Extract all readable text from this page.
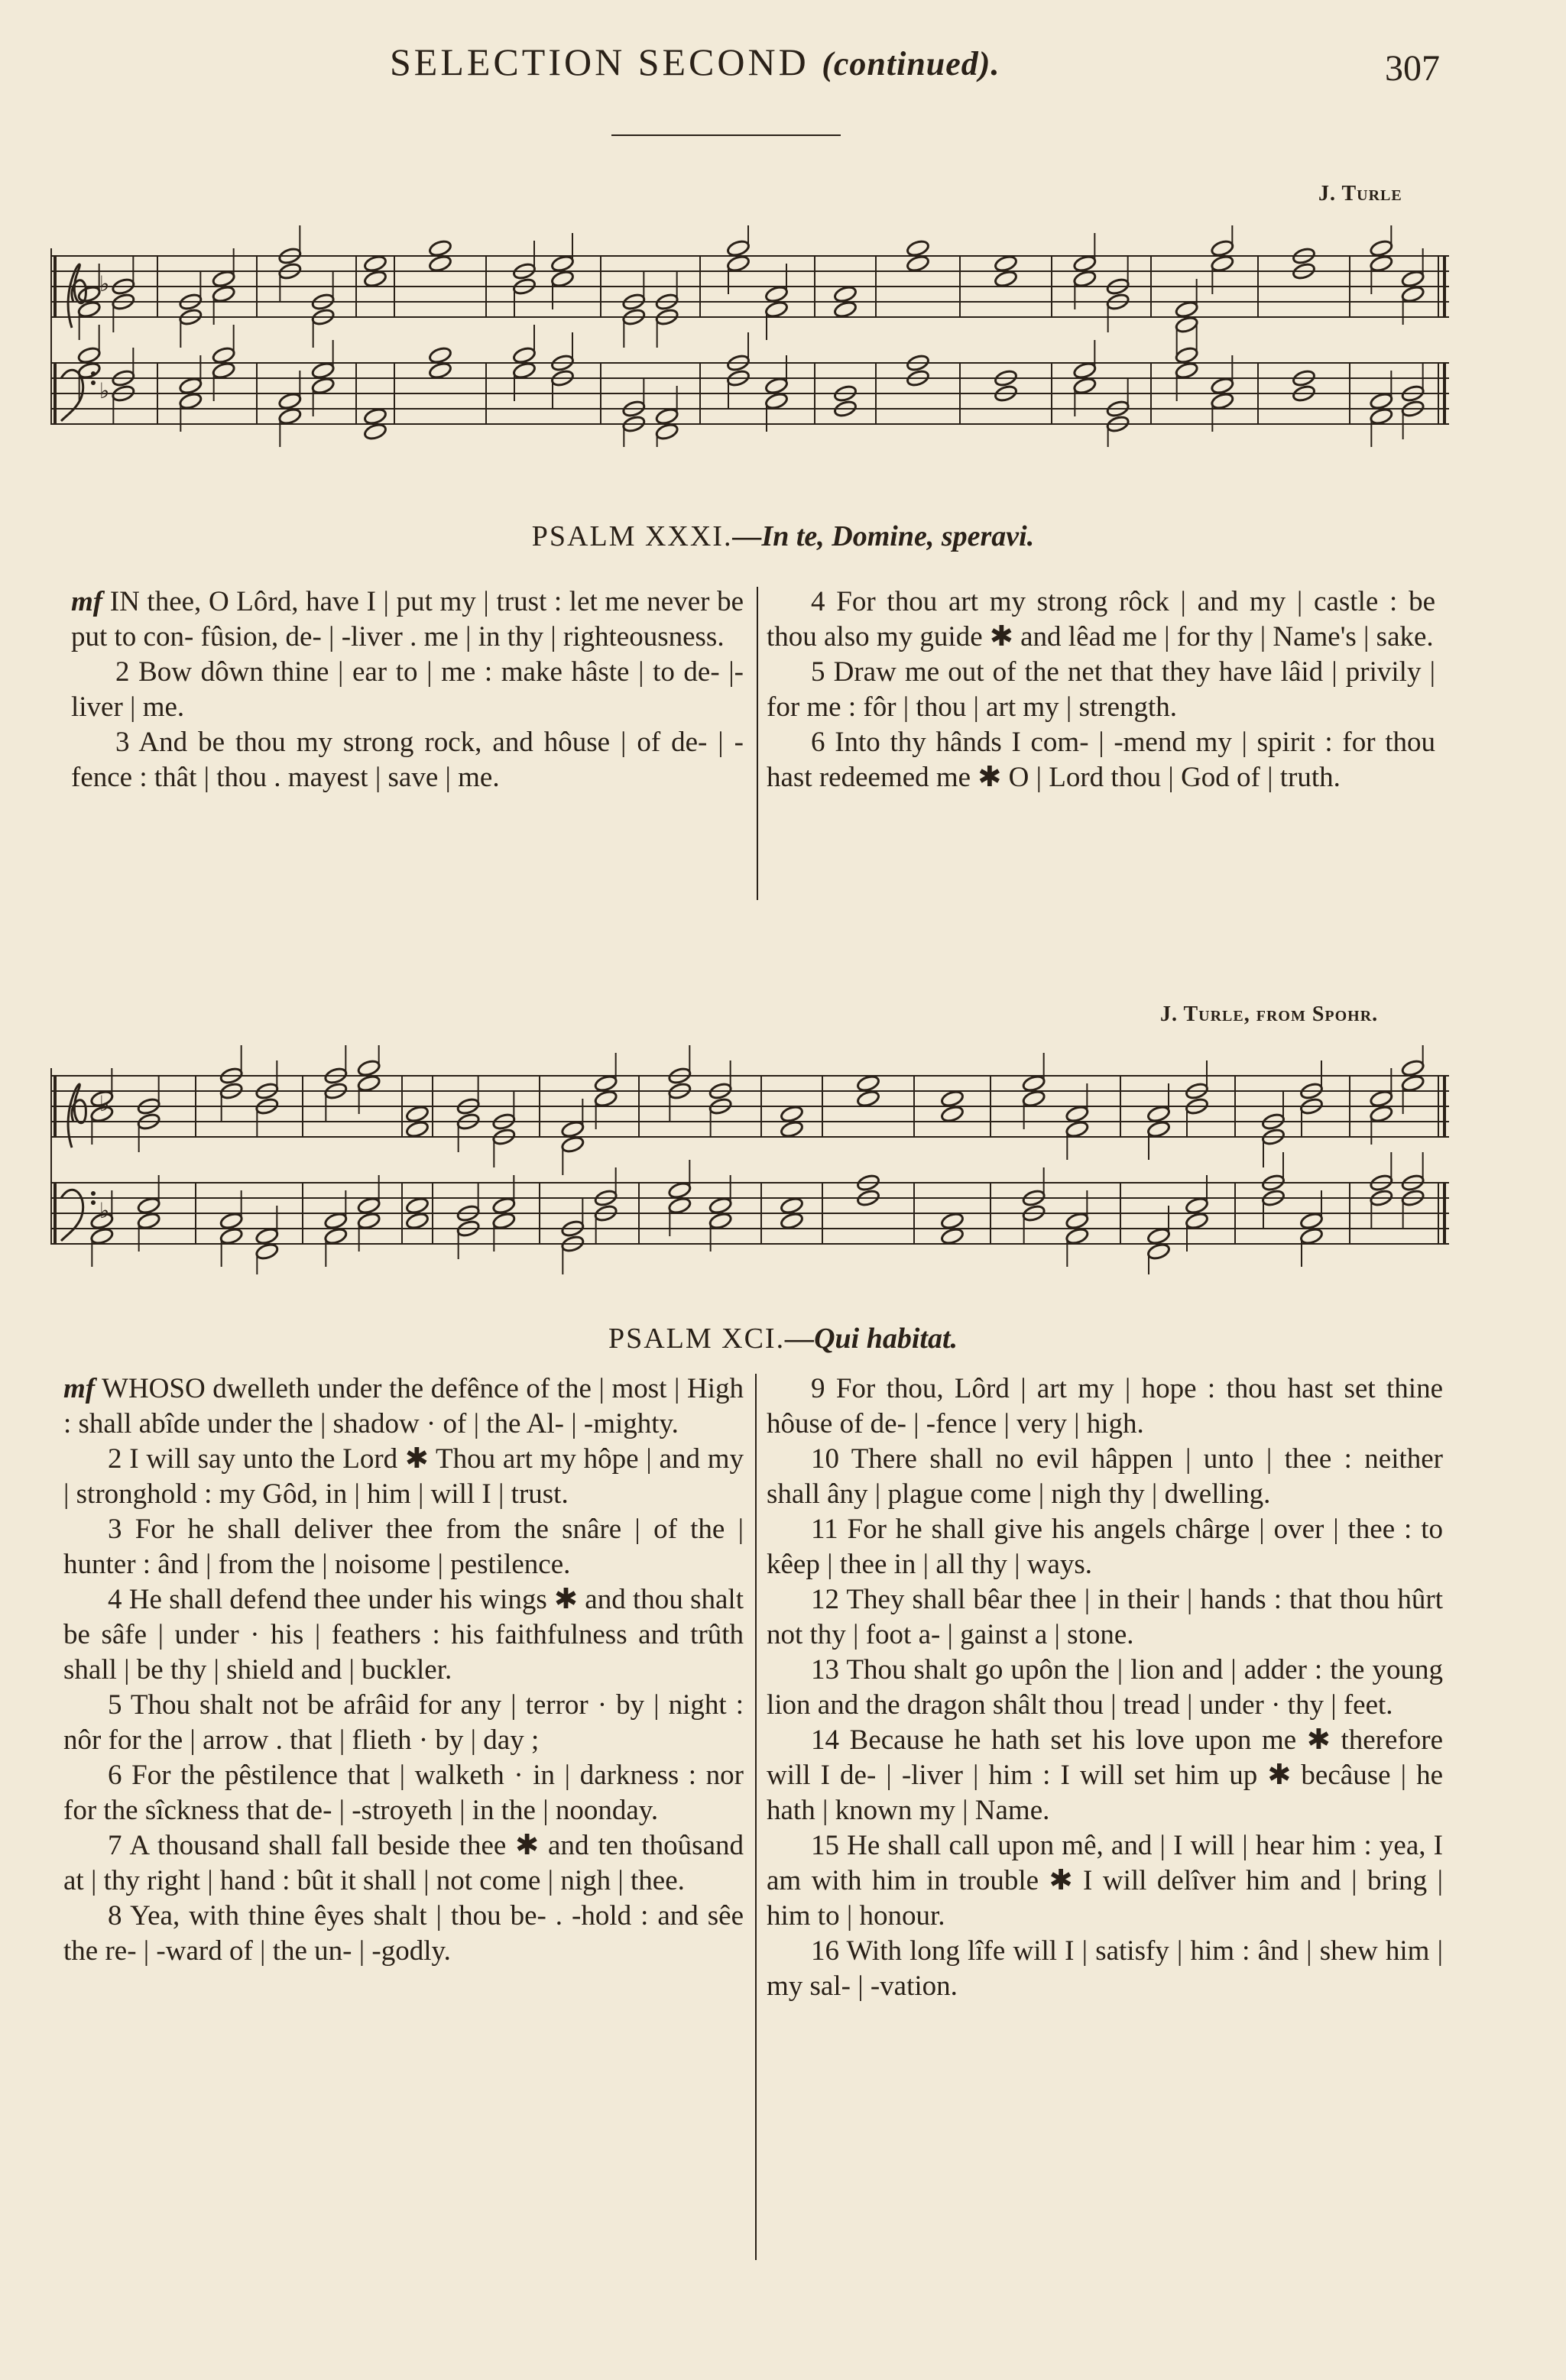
SELECTION SECOND (continued).	307
J. Turle
♭
♭
PSALM XXXI.—In te, Domine, speravi.

mf IN thee, O Lôrd, have I | put my | trust : let me never be put to con- fûsion, de- | -liver . me | in thy | righteousness.

2 Bow dôwn thine | ear to | me : make hâste | to de- |-liver | me.

3 And be thou my strong rock, and hôuse | of de- | -fence : thât | thou . mayest | save | me.

4 For thou art my strong rôck | and my | castle : be thou also my guide ✱ and lêad me | for thy | Name's | sake.

5 Draw me out of the net that they have lâid | privily | for me : fôr | thou | art my | strength.

6 Into thy hânds I com- | -mend my | spirit : for thou hast redeemed me ✱ O | Lord thou | God of | truth.

J. Turle, from Spohr.
♭
♭
PSALM XCI.—Qui habitat.

mf WHOSO dwelleth under the defênce of the | most | High : shall abîde under the | shadow · of | the Al- | -mighty.

2 I will say unto the Lord ✱ Thou art my hôpe | and my | stronghold : my Gôd, in | him | will I | trust.

3 For he shall deliver thee from the snâre | of the | hunter : ând | from the | noisome | pestilence.

4 He shall defend thee under his wings ✱ and thou shalt be sâfe | under · his | feathers : his faithfulness and trûth shall | be thy | shield and | buckler.

5 Thou shalt not be afrâid for any | terror · by | night : nôr for the | arrow . that | flieth · by | day ;

6 For the pêstilence that | walketh · in | darkness : nor for the sîckness that de- | -stroyeth | in the | noonday.

7 A thousand shall fall beside thee ✱ and ten thoûsand at | thy right | hand : bût it shall | not come | nigh | thee.

8 Yea, with thine êyes shalt | thou be- . -hold : and sêe the re- | -ward of | the un- | -godly.

9 For thou, Lôrd | art my | hope : thou hast set thine hôuse of de- | -fence | very | high.

10 There shall no evil hâppen | unto | thee : neither shall âny | plague come | nigh thy | dwelling.

11 For he shall give his angels chârge | over | thee : to kêep | thee in | all thy | ways.

12 They shall bêar thee | in their | hands : that thou hûrt not thy | foot a- | gainst a | stone.

13 Thou shalt go upôn the | lion and | adder : the young lion and the dragon shâlt thou | tread | under · thy | feet.

14 Because he hath set his love upon me ✱ therefore will I de- | -liver | him : I will set him up ✱ becâuse | he hath | known my | Name.

15 He shall call upon mê, and | I will | hear him : yea, I am with him in trouble ✱ I will delîver him and | bring | him to | honour.

16 With long lîfe will I | satisfy | him : ând | shew him | my sal- | -vation.
